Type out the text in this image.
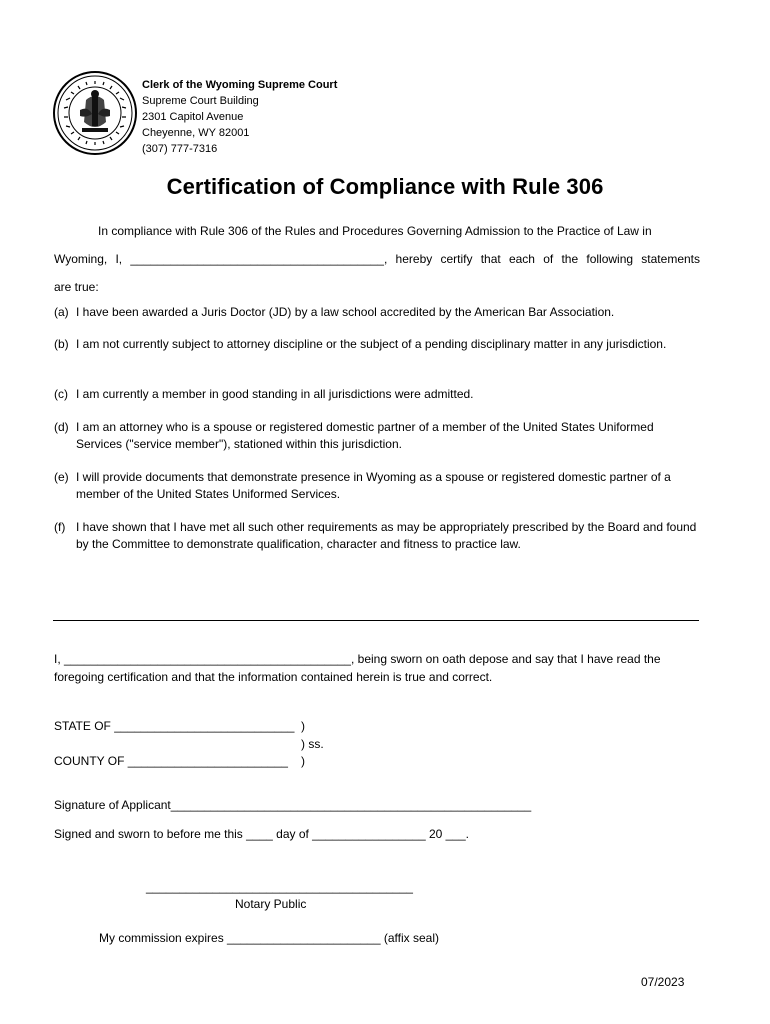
Clerk of the Wyoming Supreme Court
Supreme Court Building
2301 Capitol Avenue
Cheyenne, WY 82001
(307) 777-7316
Certification of Compliance with Rule 306
In compliance with Rule 306 of the Rules and Procedures Governing Admission to the Practice of Law in
Wyoming, I, ______________________________________, hereby certify that each of the following statements
are true:
(a) I have been awarded a Juris Doctor (JD) by a law school accredited by the American Bar Association.
(b) I am not currently subject to attorney discipline or the subject of a pending disciplinary matter in any jurisdiction.
(c) I am currently a member in good standing in all jurisdictions were admitted.
(d) I am an attorney who is a spouse or registered domestic partner of a member of the United States Uniformed Services ("service member"), stationed within this jurisdiction.
(e) I will provide documents that demonstrate presence in Wyoming as a spouse or registered domestic partner of a member of the United States Uniformed Services.
(f) I have shown that I have met all such other requirements as may be appropriately prescribed by the Board and found by the Committee to demonstrate qualification, character and fitness to practice law.
I, ___________________________________________, being sworn on oath depose and say that I have read the foregoing certification and that the information contained herein is true and correct.
STATE OF ___________________________ )
) ss.
COUNTY OF ________________________ )
Signature of Applicant______________________________________________________
Signed and sworn to before me this ____ day of _________________ 20 ___.
________________________________________
Notary Public
My commission expires _______________________ (affix seal)
07/2023
